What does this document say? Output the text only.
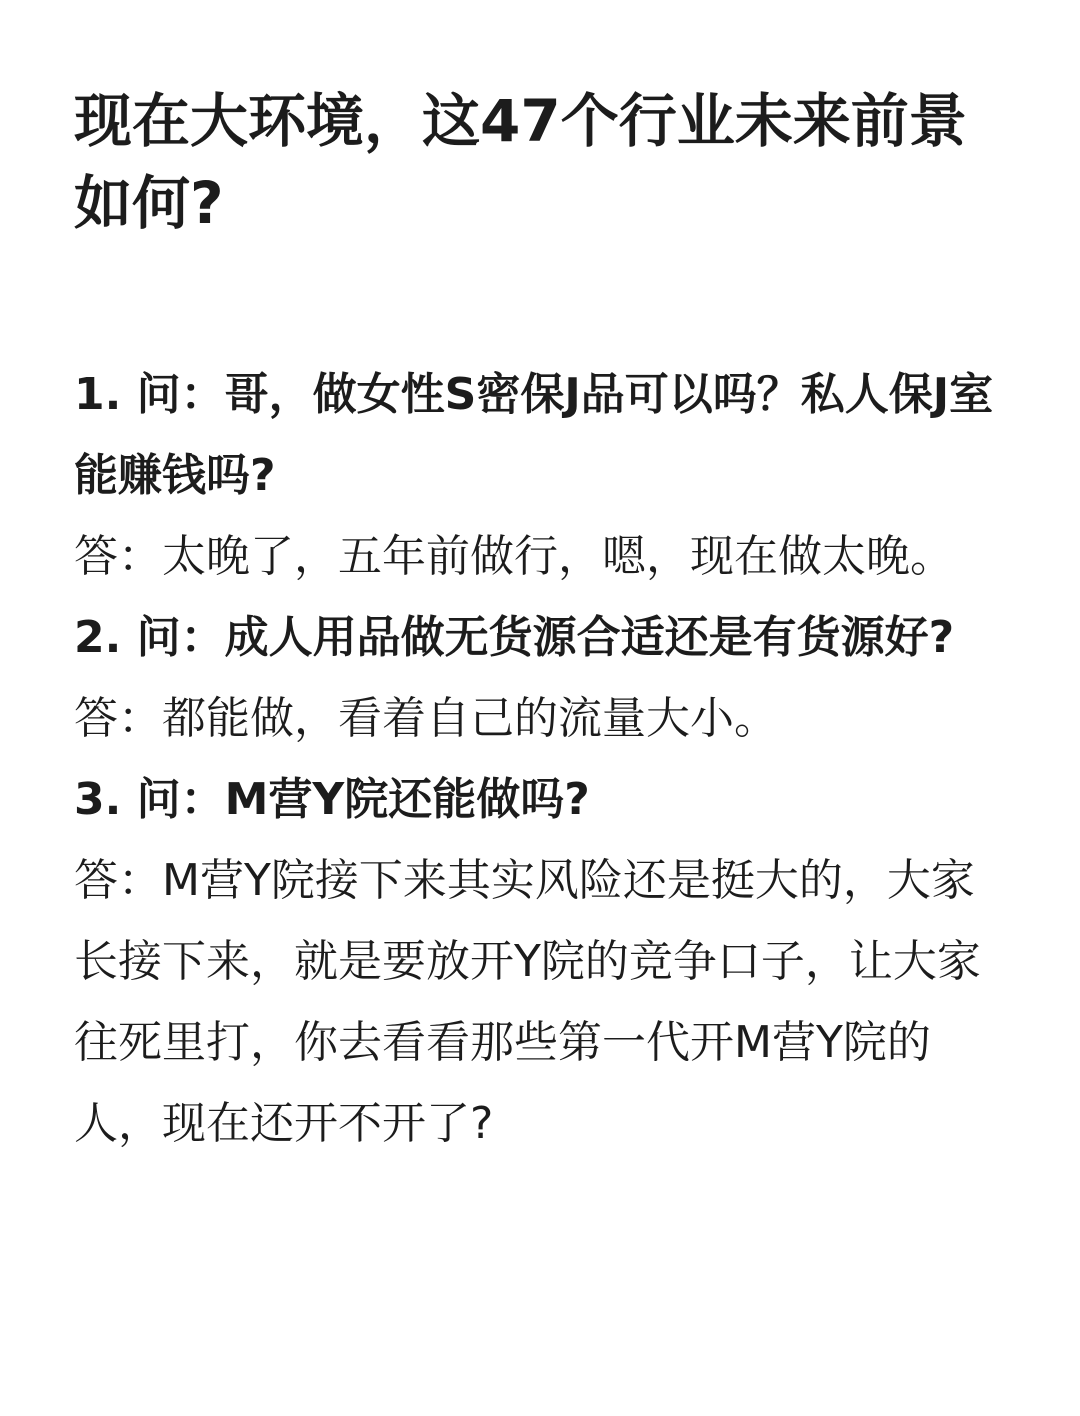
现在大环境，这47个行业未来前景如何?

1. 问：哥，做女性S密保J品可以吗？私人保J室能赚钱吗?

答：太晚了，五年前做行，嗯，现在做太晚。

2. 问：成人用品做无货源合适还是有货源好?

答：都能做，看着自己的流量大小。

3. 问：M营Y院还能做吗?

答：M营Y院接下来其实风险还是挺大的，大家长接下来，就是要放开Y院的竞争口子，让大家往死里打，你去看看那些第一代开M营Y院的人，现在还开不开了?
